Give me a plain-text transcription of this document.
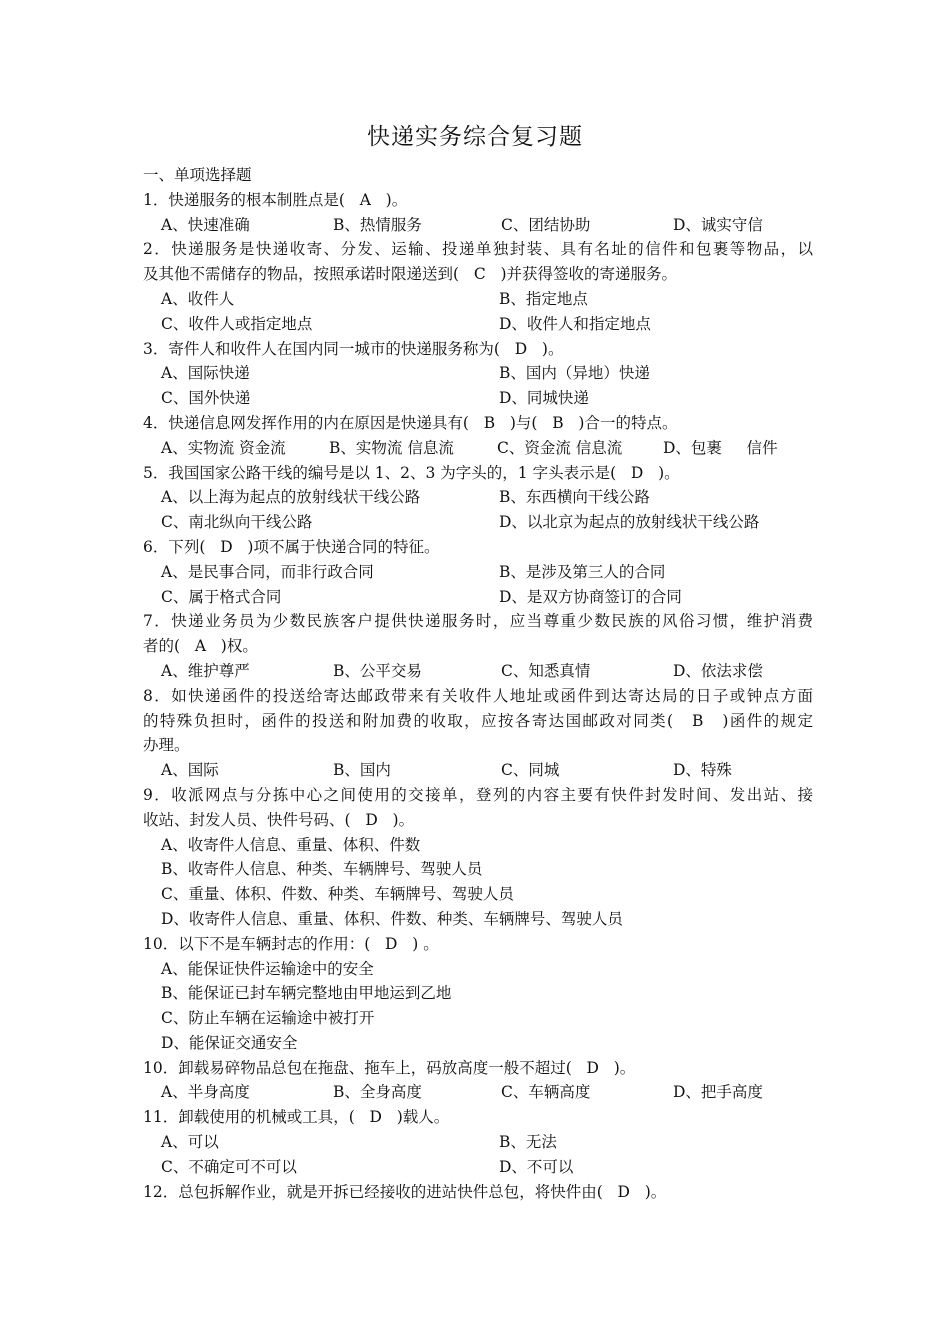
快递实务综合复习题
一、单项选择题
1．快递服务的根本制胜点是(   A   )。
A、快速准确	B、热情服务	C、团结协助	D、诚实守信
2．快递服务是快递收寄、分发、运输、投递单独封装、具有名址的信件和包裹等物品，以
及其他不需储存的物品，按照承诺时限递送到(   C   )并获得签收的寄递服务。
A、收件人	B、指定地点
C、收件人或指定地点	D、收件人和指定地点
3．寄件人和收件人在国内同一城市的快递服务称为(   D   )。
A、国际快递	B、国内（异地）快递
C、国外快递	D、同城快递
4．快递信息网发挥作用的内在原因是快递具有(   B   )与(   B   )合一的特点。
A、实物流 资金流	B、实物流 信息流	C、资金流 信息流	D、包裹     信件
5．我国国家公路干线的编号是以 1、2、3 为字头的，1 字头表示是(   D   )。
A、以上海为起点的放射线状干线公路	B、东西横向干线公路
C、南北纵向干线公路	D、以北京为起点的放射线状干线公路
6．下列(   D   )项不属于快递合同的特征。
A、是民事合同，而非行政合同	B、是涉及第三人的合同
C、属于格式合同	D、是双方协商签订的合同
7．快递业务员为少数民族客户提供快递服务时，应当尊重少数民族的风俗习惯，维护消费
者的(   A   )权。
A、维护尊严	B、公平交易	C、知悉真情	D、依法求偿
8．如快递函件的投送给寄达邮政带来有关收件人地址或函件到达寄达局的日子或钟点方面
的特殊负担时，函件的投送和附加费的收取，应按各寄达国邮政对同类(   B   )函件的规定
办理。
A、国际	B、国内	C、同城	D、特殊
9．收派网点与分拣中心之间使用的交接单，登列的内容主要有快件封发时间、发出站、接
收站、封发人员、快件号码、(   D   )。
A、收寄件人信息、重量、体积、件数
B、收寄件人信息、种类、车辆牌号、驾驶人员
C、重量、体积、件数、种类、车辆牌号、驾驶人员
D、收寄件人信息、重量、体积、件数、种类、车辆牌号、驾驶人员
10．以下不是车辆封志的作用：(   D   ) 。
A、能保证快件运输途中的安全
B、能保证已封车辆完整地由甲地运到乙地
C、防止车辆在运输途中被打开
D、能保证交通安全
10．卸载易碎物品总包在拖盘、拖车上，码放高度一般不超过(   D   )。
A、半身高度	B、全身高度	C、车辆高度	D、把手高度
11．卸载使用的机械或工具，(   D   )载人。
A、可以	B、无法
C、不确定可不可以	D、不可以
12．总包拆解作业，就是开拆已经接收的进站快件总包，将快件由(   D   )。
